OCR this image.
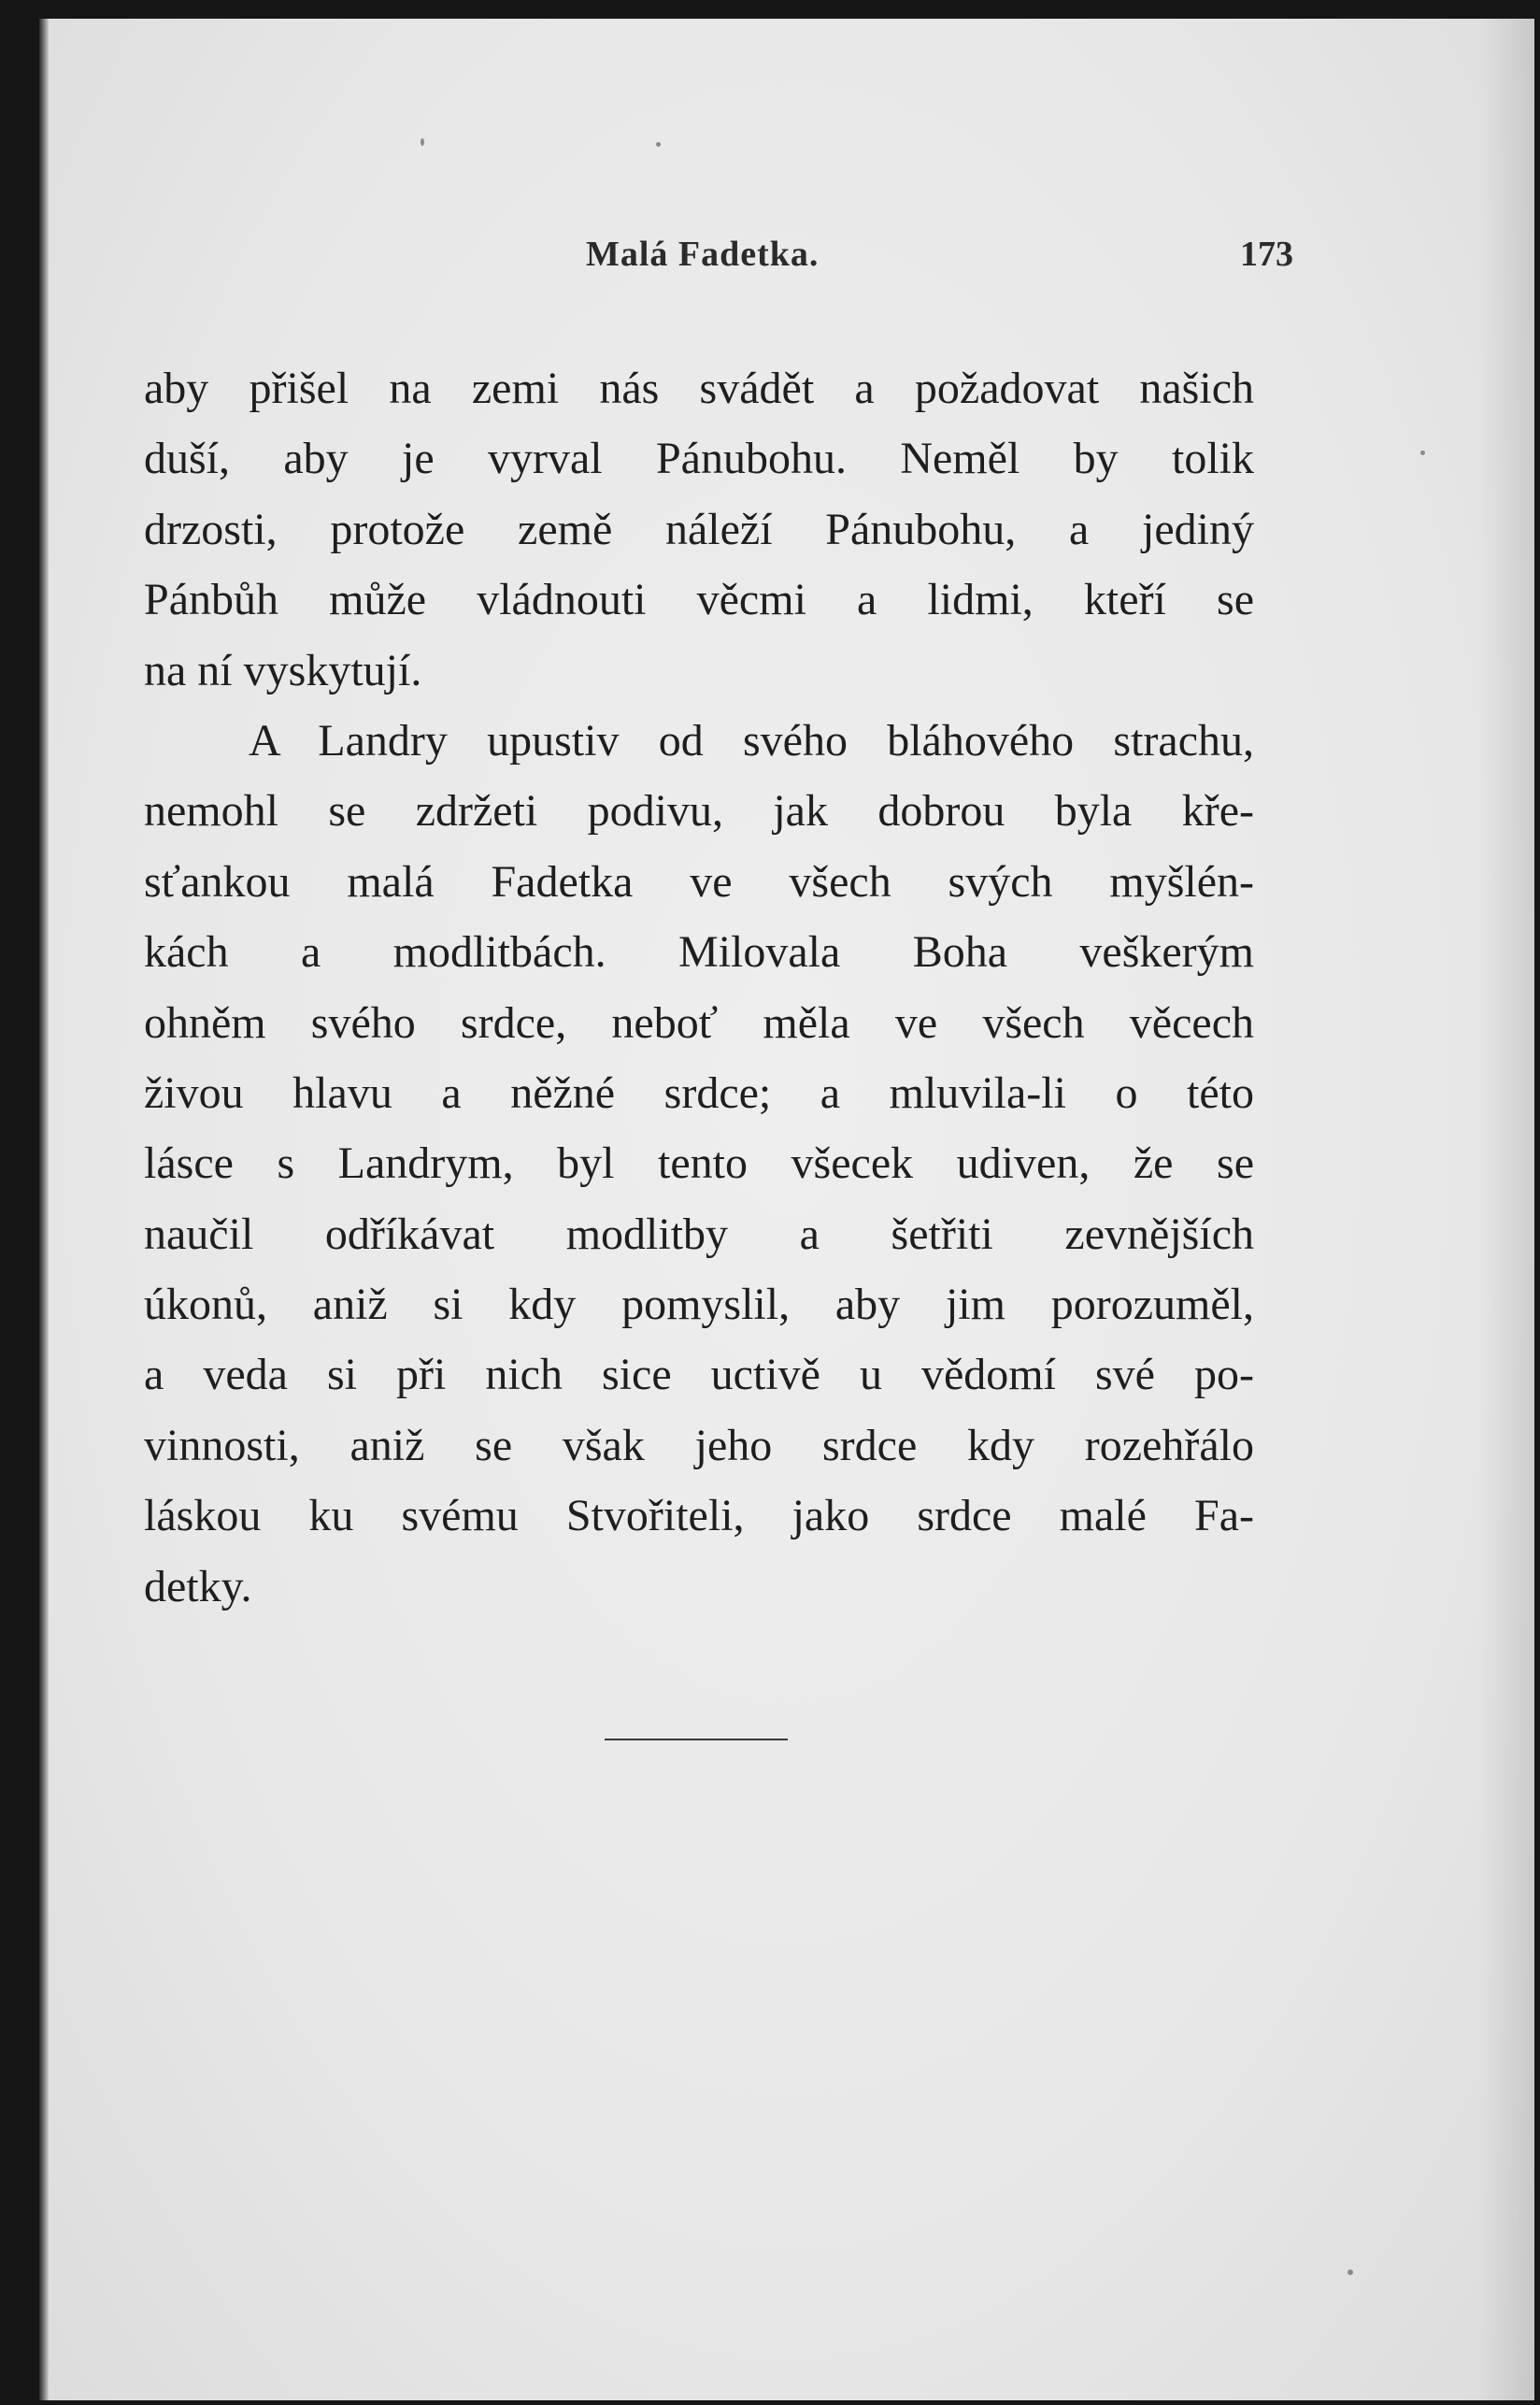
Malá Fadetka.	173
aby přišel na zemi nás svádět a požadovat našich
duší, aby je vyrval Pánubohu. Neměl by tolik
drzosti, protože země náleží Pánubohu, a jediný
Pánbůh může vládnouti věcmi a lidmi, kteří se
na ní vyskytují.
A Landry upustiv od svého bláhového strachu,
nemohl se zdržeti podivu, jak dobrou byla kře-
sťankou malá Fadetka ve všech svých myšlén-
kách a modlitbách. Milovala Boha veškerým
ohněm svého srdce, neboť měla ve všech věcech
živou hlavu a něžné srdce; a mluvila-li o této
lásce s Landrym, byl tento všecek udiven, že se
naučil odříkávat modlitby a šetřiti zevnějších
úkonů, aniž si kdy pomyslil, aby jim porozuměl,
a veda si při nich sice uctivě u vědomí své po-
vinnosti, aniž se však jeho srdce kdy rozehřálo
láskou ku svému Stvořiteli, jako srdce malé Fa-
detky.
